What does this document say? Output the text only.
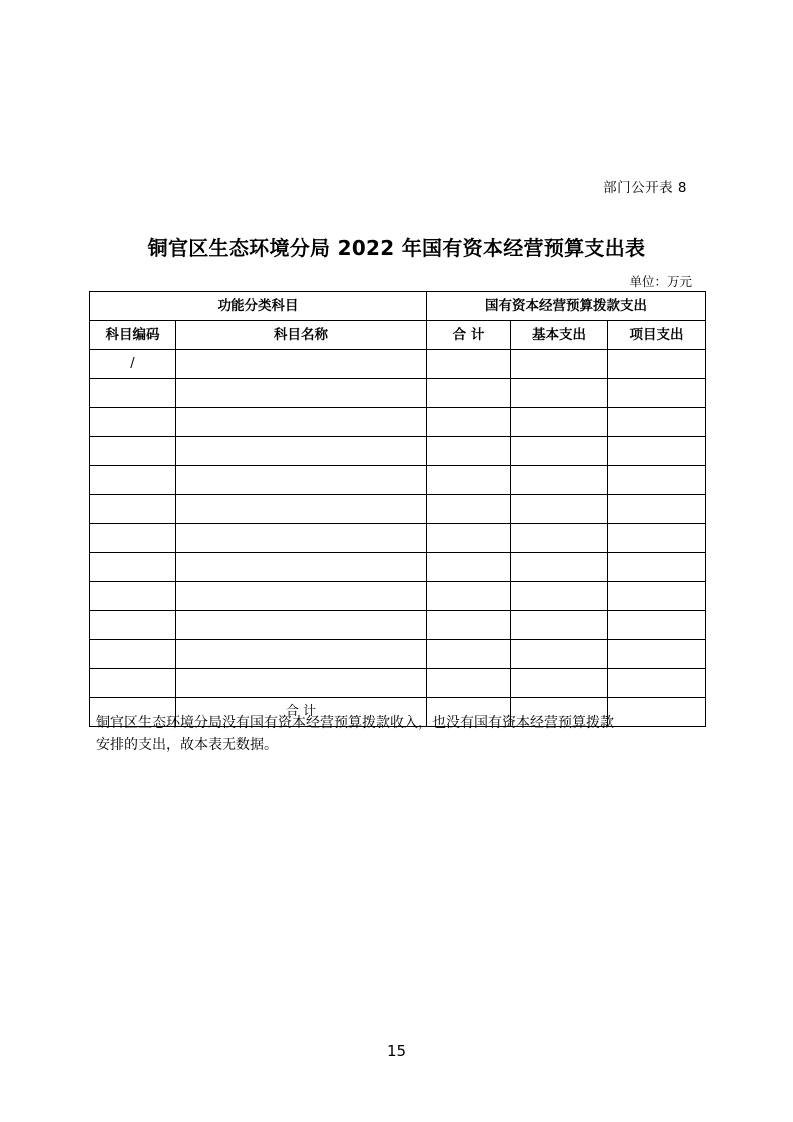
部门公开表 8
铜官区生态环境分局 2022 年国有资本经营预算支出表
单位：万元
功能分类科目		国有资本经营预算拨款支出		
科目编码	科目名称	合 计	基本支出	项目支出
/				

	合 计			
铜官区生态环境分局没有国有资本经营预算拨款收入，也没有国有资本经营预算拨款
安排的支出，故本表无数据。
15
